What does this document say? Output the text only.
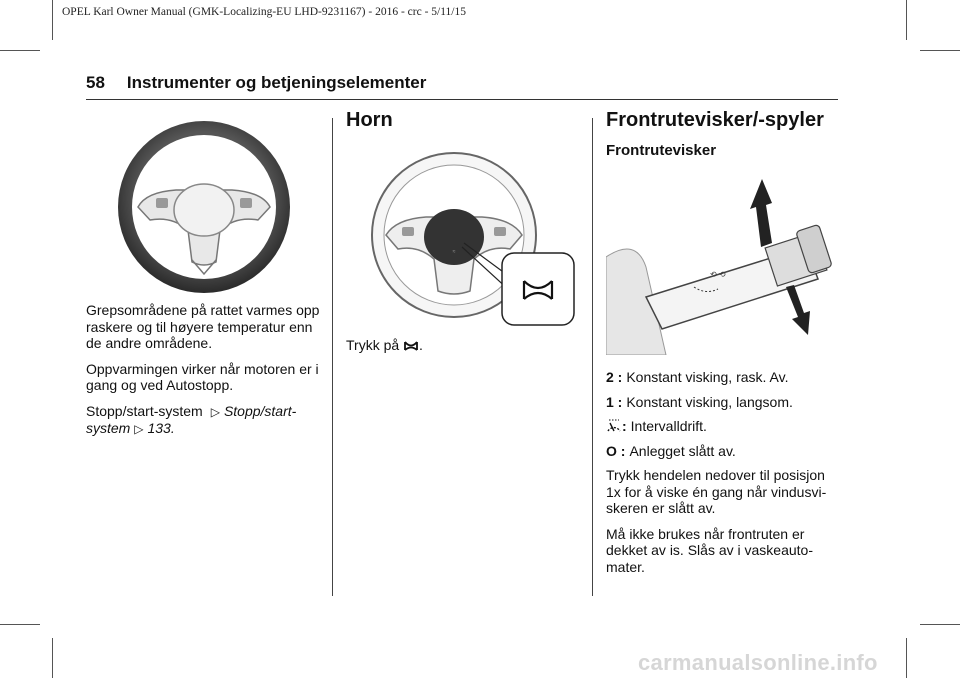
OPEL Karl Owner Manual (GMK-Localizing-EU LHD-9231167) - 2016 - crc - 5/11/15
58 Instrumenter og betjeningselementer

Grepsområdene på rattet varmes opp raskere og til høyere temperatur enn de andre områdene.

Oppvarmingen virker når motoren er i gang og ved Autostopp.

Stopp/start-system ▷ Stopp/start-system ▷ 133.

Horn
≈

Trykk på .

Frontrutevisker/-spyler
Frontrutevisker
⟲ ⟲
2 : Konstant visking, rask. Av.
1 : Konstant visking, langsom.
: Intervalldrift.
O : Anlegget slått av.

Trykk hendelen nedover til posisjon 1x for å viske én gang når vindusvi- skeren er slått av.

Må ikke brukes når frontruten er dekket av is. Slås av i vaskeauto- mater.

carmanualsonline.info
